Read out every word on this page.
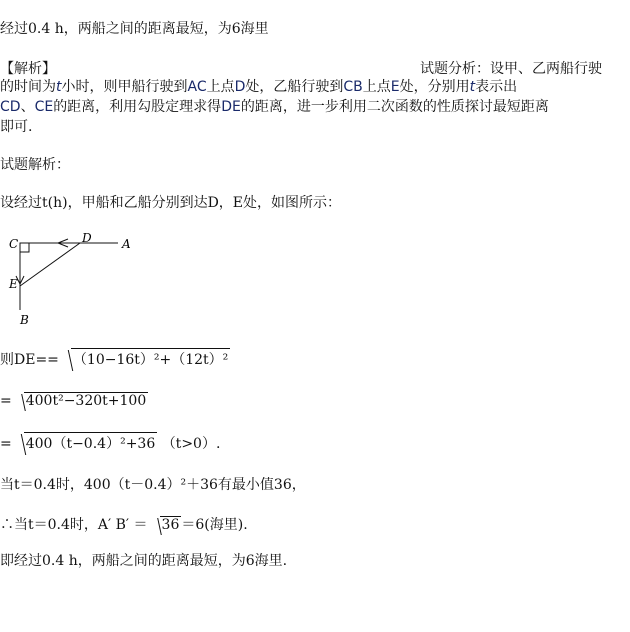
经过0.4 h，两船之间的距离最短，为6海里
【解析】	试题分析：设甲、乙两船行驶
的时间为t小时，则甲船行驶到AC上点D处，乙船行驶到CB上点E处，分别用t表示出
CD、CE的距离，利用勾股定理求得DE的距离，进一步利用二次函数的性质探讨最短距离
即可.
试题解析：
设经过t(h)，甲船和乙船分别到达D，E处，如图所示：
C	D	A
E
B
则DE== （10−16t）²+（12t）²
= 400t²−320t+100
= 400（t−0.4）²+36 （t>0）.
当t＝0.4时，400（t－0.4）²＋36有最小值36，
∴当t＝0.4时，A′ B′ ＝ 36 ＝6(海里).
即经过0.4 h，两船之间的距离最短，为6海里.
